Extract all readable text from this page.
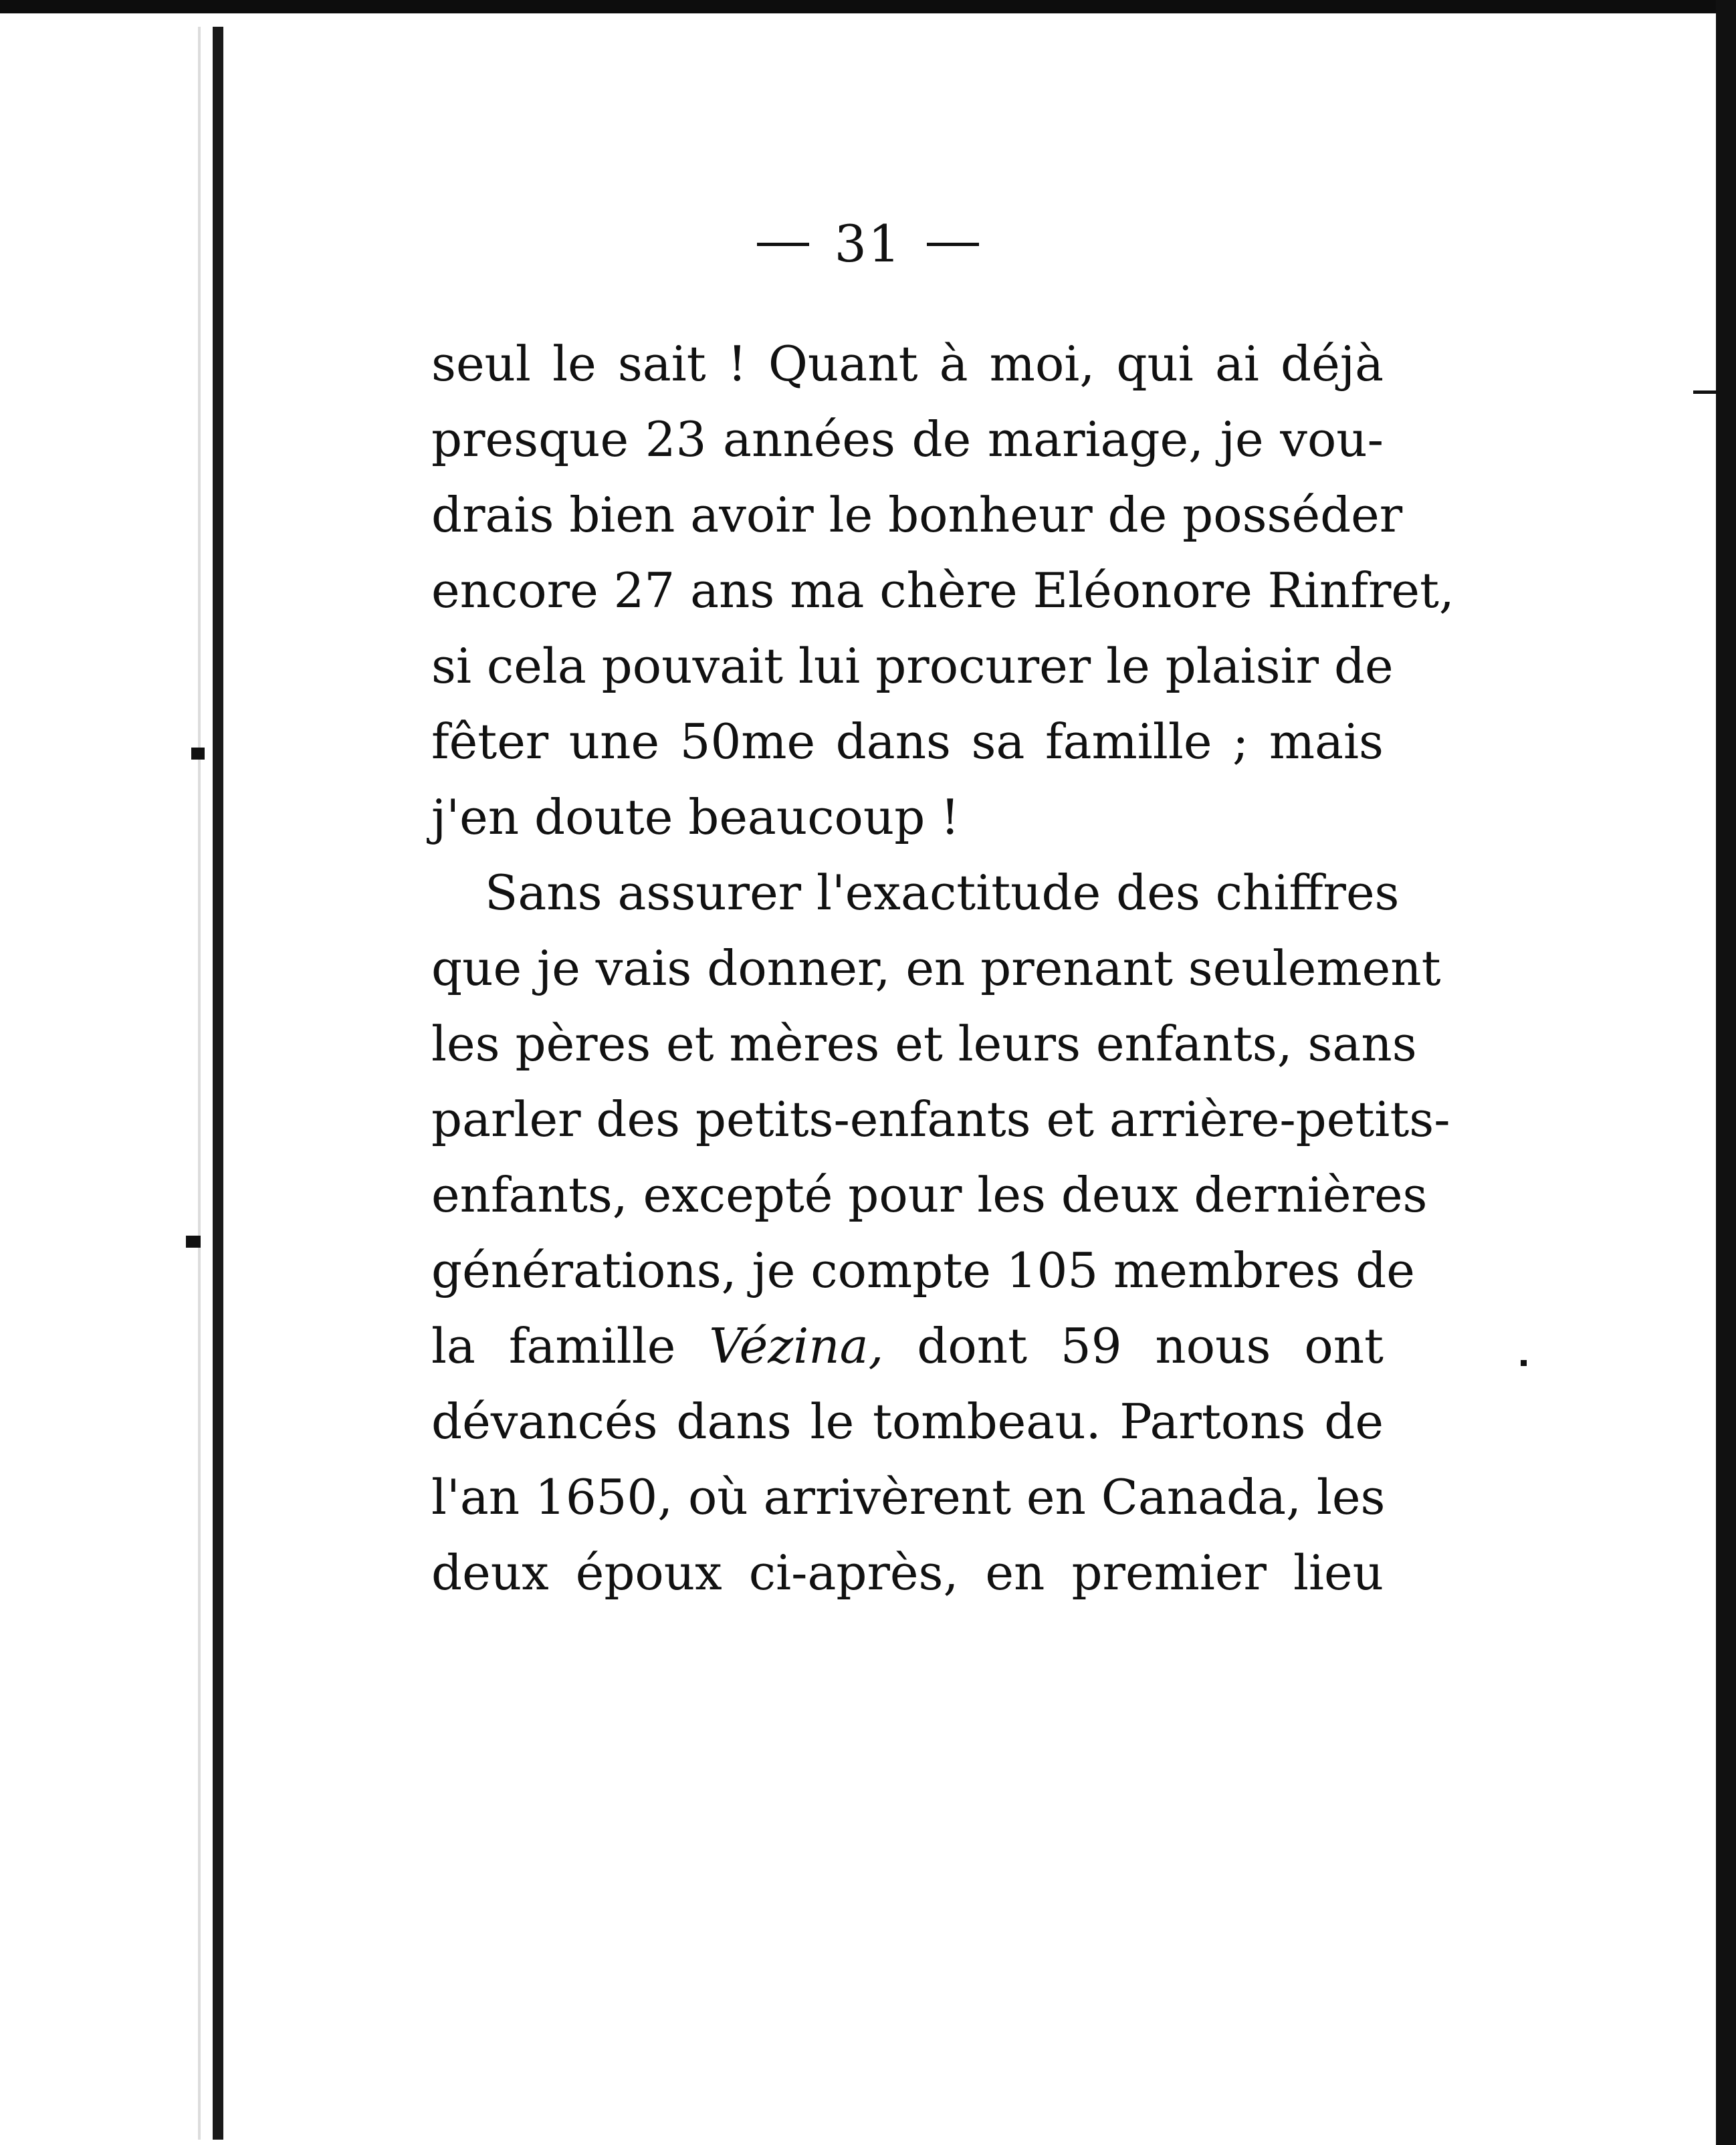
31
seul le sait ! Quant à moi, qui ai déjà
presque 23 années de mariage, je vou-
drais bien avoir le bonheur de posséder
encore 27 ans ma chère Eléonore Rinfret,
si cela pouvait lui procurer le plaisir de
fêter une 50me dans sa famille ; mais
j'en doute beaucoup !
Sans assurer l'exactitude des chiffres
que je vais donner, en prenant seulement
les pères et mères et leurs enfants, sans
parler des petits-enfants et arrière-petits-
enfants, excepté pour les deux dernières
générations, je compte 105 membres de
la famille Vézina, dont 59 nous ont
dévancés dans le tombeau. Partons de
l'an 1650, où arrivèrent en Canada, les
deux époux ci-après, en premier lieu
